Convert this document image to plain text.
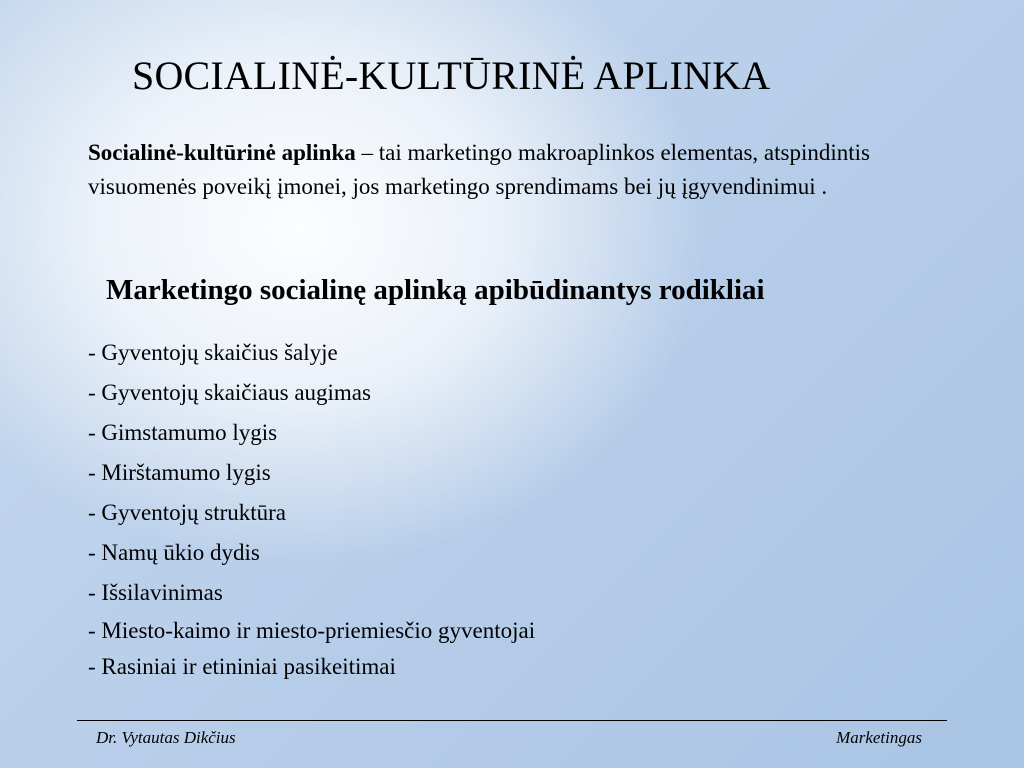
SOCIALINĖ-KULTŪRINĖ APLINKA
Socialinė-kultūrinė aplinka – tai marketingo makroaplinkos elementas, atspindintis visuomenės poveikį įmonei, jos marketingo sprendimams bei jų įgyvendinimui .
Marketingo socialinę aplinką apibūdinantys rodikliai
- Gyventojų skaičius šalyje
- Gyventojų skaičiaus augimas
- Gimstamumo lygis
- Mirštamumo lygis
- Gyventojų struktūra
- Namų ūkio dydis
- Išsilavinimas
- Miesto-kaimo ir miesto-priemiesčio gyventojai
- Rasiniai ir etininiai pasikeitimai
Dr. Vytautas Dikčius	Marketingas
